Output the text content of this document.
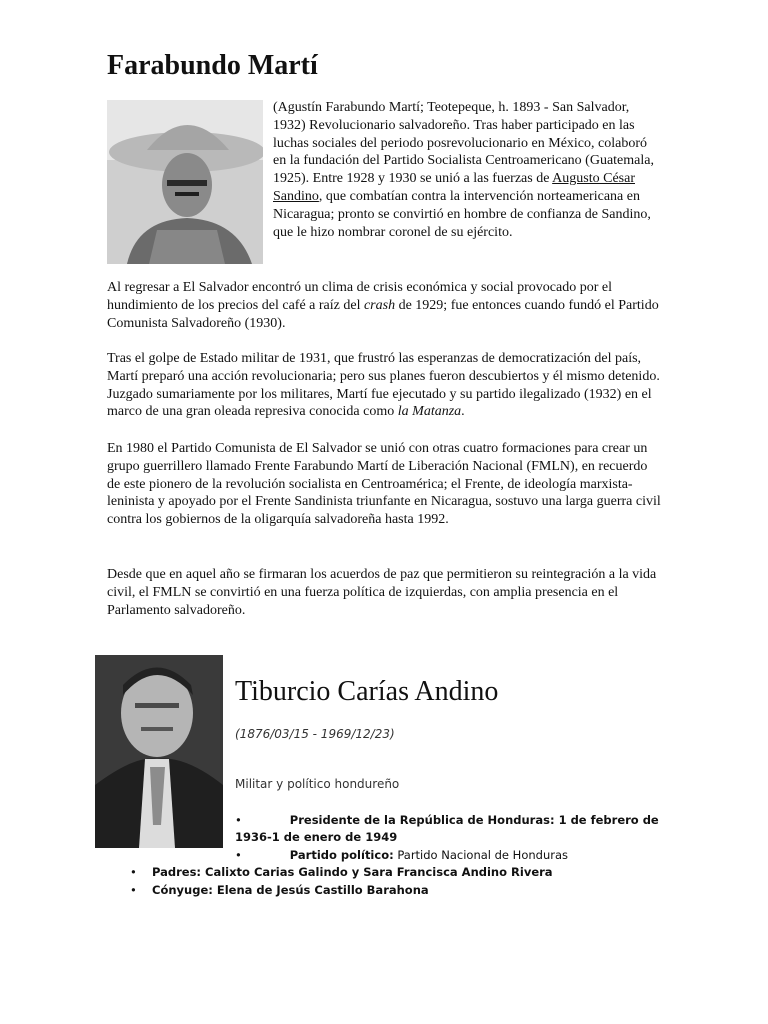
Farabundo Martí

(Agustín Farabundo Martí; Teotepeque, h. 1893 - San Salvador, 1932) Revolucionario salvadoreño. Tras haber participado en las luchas sociales del periodo posrevolucionario en México, colaboró en la fundación del Partido Socialista Centroamericano (Guatemala, 1925). Entre 1928 y 1930 se unió a las fuerzas de Augusto César Sandino, que combatían contra la intervención norteamericana en Nicaragua; pronto se convirtió en hombre de confianza de Sandino, que le hizo nombrar coronel de su ejército.

Al regresar a El Salvador encontró un clima de crisis económica y social provocado por el hundimiento de los precios del café a raíz del crash de 1929; fue entonces cuando fundó el Partido Comunista Salvadoreño (1930).

Tras el golpe de Estado militar de 1931, que frustró las esperanzas de democratización del país, Martí preparó una acción revolucionaria; pero sus planes fueron descubiertos y él mismo detenido. Juzgado sumariamente por los militares, Martí fue ejecutado y su partido ilegalizado (1932) en el marco de una gran oleada represiva conocida como la Matanza.

En 1980 el Partido Comunista de El Salvador se unió con otras cuatro formaciones para crear un grupo guerrillero llamado Frente Farabundo Martí de Liberación Nacional (FMLN), en recuerdo de este pionero de la revolución socialista en Centroamérica; el Frente, de ideología marxista-leninista y apoyado por el Frente Sandinista triunfante en Nicaragua, sostuvo una larga guerra civil contra los gobiernos de la oligarquía salvadoreña hasta 1992.

Desde que en aquel año se firmaran los acuerdos de paz que permitieron su reintegración a la vida civil, el FMLN se convirtió en una fuerza política de izquierdas, con amplia presencia en el Parlamento salvadoreño.

Tiburcio Carías Andino

(1876/03/15 - 1969/12/23)

Militar y político hondureño

•	Presidente de la República de Honduras: 1 de febrero de 1936-1 de enero de 1949
•	Partido político: Partido Nacional de Honduras
• Padres: Calixto Carias Galindo y Sara Francisca Andino Rivera
• Cónyuge: Elena de Jesús Castillo Barahona
